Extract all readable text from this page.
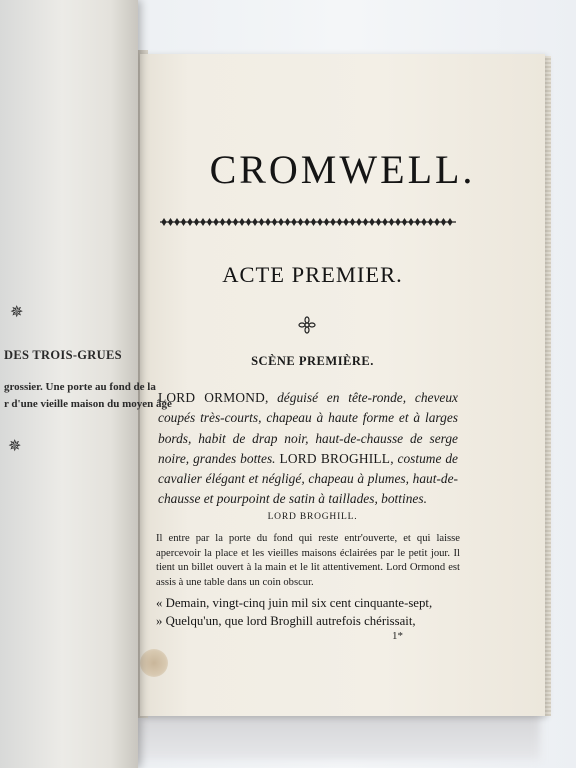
CROMWELL.
ACTE PREMIER.
SCÈNE PREMIÈRE.
LORD ORMOND, déguisé en tête-ronde, cheveux coupés très-courts, chapeau à haute forme et à larges bords, habit de drap noir, haut-de-chausse de serge noire, grandes bottes. LORD BROGHILL, costume de cavalier élégant et négligé, chapeau à plumes, haut-de-chausse et pourpoint de satin à taillades, bottines.
LORD BROGHILL.
Il entre par la porte du fond qui reste entr'ouverte, et qui laisse apercevoir la place et les vieilles maisons éclairées par le petit jour. Il tient un billet ouvert à la main et le lit attentivement. Lord Ormond est assis à une table dans un coin obscur.
« Demain, vingt-cinq juin mil six cent cinquante-sept,
» Quelqu'un, que lord Broghill autrefois chérissait,
1*
✵
DES TROIS-GRUES
grossier. Une porte au fond de la
r d'une vieille maison du moyen âge
✵
